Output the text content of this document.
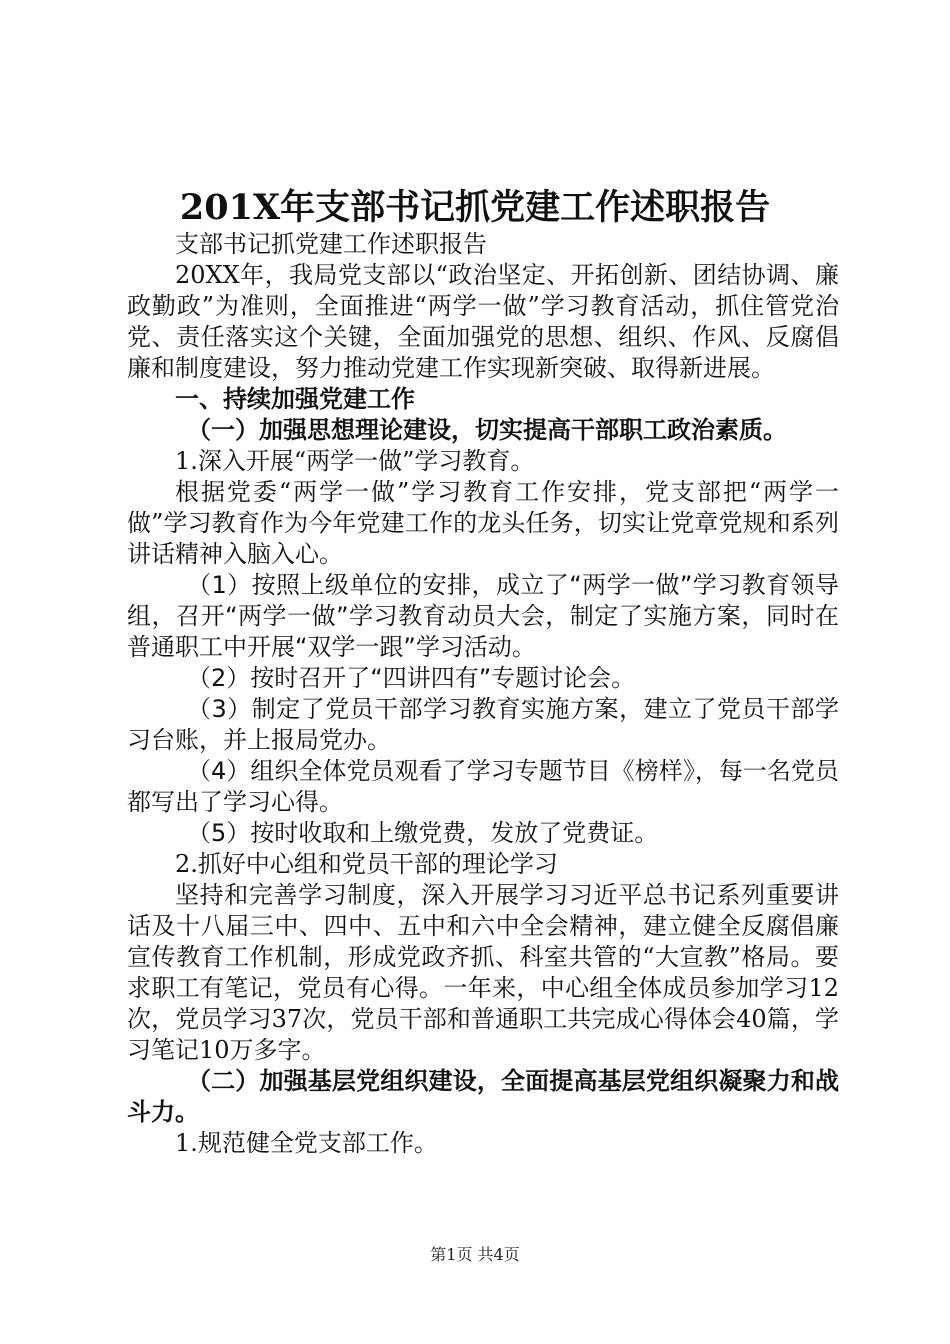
201X年支部书记抓党建工作述职报告

支部书记抓党建工作述职报告

20XX年，我局党支部以“政治坚定、开拓创新、团结协调、廉政勤政”为准则，全面推进“两学一做”学习教育活动，抓住管党治党、责任落实这个关键，全面加强党的思想、组织、作风、反腐倡廉和制度建设，努力推动党建工作实现新突破、取得新进展。

一、持续加强党建工作

（一）加强思想理论建设，切实提高干部职工政治素质。

1.深入开展“两学一做”学习教育。

根据党委“两学一做”学习教育工作安排，党支部把“两学一做”学习教育作为今年党建工作的龙头任务，切实让党章党规和系列讲话精神入脑入心。

（1）按照上级单位的安排，成立了“两学一做”学习教育领导组，召开“两学一做”学习教育动员大会，制定了实施方案，同时在普通职工中开展“双学一跟”学习活动。

（2）按时召开了“四讲四有”专题讨论会。

（3）制定了党员干部学习教育实施方案，建立了党员干部学习台账，并上报局党办。

（4）组织全体党员观看了学习专题节目《榜样》，每一名党员都写出了学习心得。

（5）按时收取和上缴党费，发放了党费证。

2.抓好中心组和党员干部的理论学习

坚持和完善学习制度，深入开展学习习近平总书记系列重要讲话及十八届三中、四中、五中和六中全会精神，建立健全反腐倡廉宣传教育工作机制，形成党政齐抓、科室共管的“大宣教”格局。要求职工有笔记，党员有心得。一年来，中心组全体成员参加学习12次，党员学习37次，党员干部和普通职工共完成心得体会40篇，学习笔记10万多字。

（二）加强基层党组织建设，全面提高基层党组织凝聚力和战斗力。

1.规范健全党支部工作。

第1页 共4页
